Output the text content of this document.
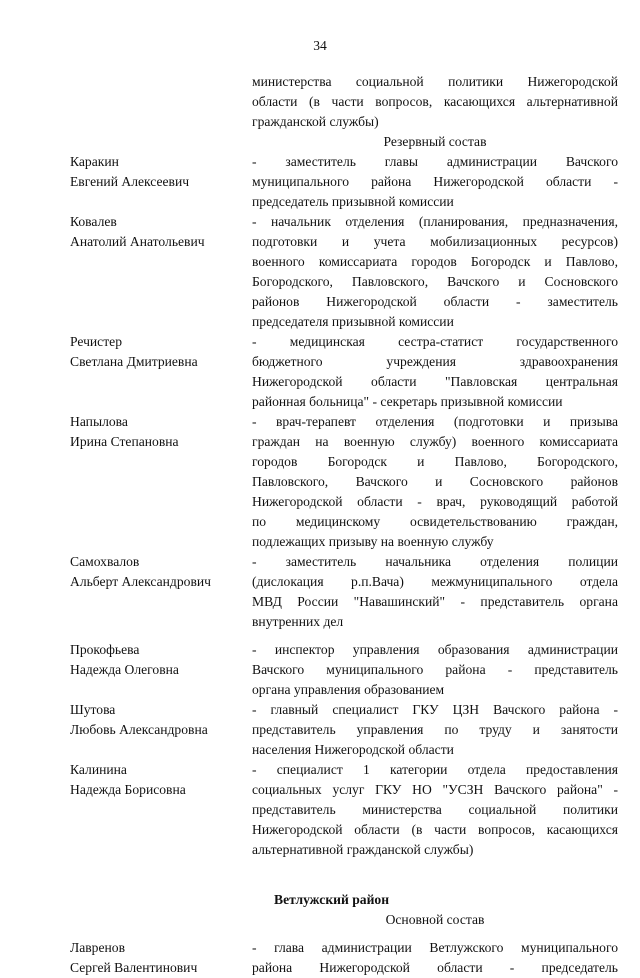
34
министерства социальной политики Нижегородской
области (в части вопросов, касающихся альтернативной
гражданской службы)
Резервный состав
Каракин
Евгений Алексеевич
- заместитель главы администрации Вачского
муниципального района Нижегородской области -
председатель призывной комиссии
Ковалев
Анатолий Анатольевич
- начальник отделения (планирования, предназначения,
подготовки и учета мобилизационных ресурсов)
военного комиссариата городов Богородск и Павлово,
Богородского, Павловского, Вачского и Сосновского
районов Нижегородской области - заместитель
председателя призывной комиссии
Речистер
Светлана Дмитриевна
- медицинская сестра-статист государственного
бюджетного учреждения здравоохранения
Нижегородской области "Павловская центральная
районная больница" - секретарь призывной комиссии
Напылова
Ирина Степановна
- врач-терапевт отделения (подготовки и призыва
граждан на военную службу) военного комиссариата
городов Богородск и Павлово, Богородского,
Павловского, Вачского и Сосновского районов
Нижегородской области - врач, руководящий работой
по медицинскому освидетельствованию граждан,
подлежащих призыву на военную службу
Самохвалов
Альберт Александрович
- заместитель начальника отделения полиции
(дислокация р.п.Вача) межмуниципального отдела
МВД России "Навашинский" - представитель органа
внутренних дел
Прокофьева
Надежда Олеговна
- инспектор управления образования администрации
Вачского муниципального района - представитель
органа управления образованием
Шутова
Любовь Александровна
- главный специалист ГКУ ЦЗН Вачского района -
представитель управления по труду и занятости
населения Нижегородской области
Калинина
Надежда Борисовна
- специалист 1 категории отдела предоставления
социальных услуг ГКУ НО "УСЗН Вачского района" -
представитель министерства социальной политики
Нижегородской области (в части вопросов, касающихся
альтернативной гражданской службы)
Ветлужский район
Основной состав
Лавренов
Сергей Валентинович
- глава администрации Ветлужского муниципального
района Нижегородской области - председатель
